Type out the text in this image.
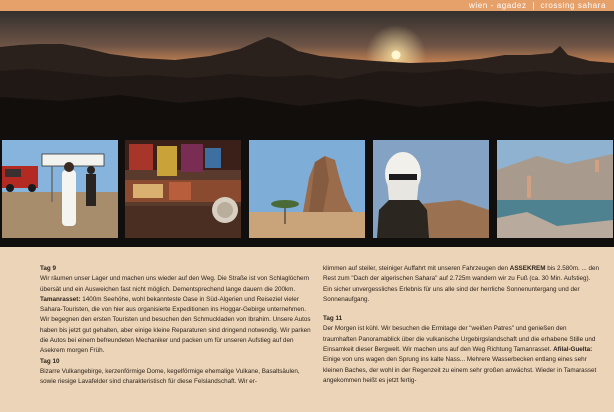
wien - agadez  |  crossing sahara

Tag 9

Wir räumen unser Lager und machen uns wieder auf den Weg. Die Straße ist von Schlaglöchern übersät und ein Ausweichen fast nicht möglich. Dementsprechend lange dauern die 200km. Tamanrasset: 1400m Seehöhe, wohl bekannteste Oase in Süd-Algerien und Reiseziel vieler Sahara-Touristen, die von hier aus organisierte Expeditionen ins Hoggar-Gebirge unternehmen. Wir begegnen den ersten Touristen und besuchen den Schmuckladen von Ibrahim. Unsere Autos haben bis jetzt gut gehalten, aber einige kleine Reparaturen sind dringend notwendig. Wir parken die Autos bei einem befreundeten Mechaniker und packen um für unseren Aufstieg auf den Asekrem morgen Früh.

Tag 10

Bizarre Vulkangebirge, kerzenförmige Dome, kegelförmige ehemalige Vulkane, Basaltsäulen, sowie riesige Lavafelder sind charakteristisch für diese Felslandschaft. Wir er-

klimmen auf steiler, steiniger Auffahrt mit unseren Fahrzeugen den ASSEKREM bis 2.580m. ... den Rest zum "Dach der algerischen Sahara" auf 2.725m wandern wir zu Fuß (ca. 30 Min. Aufstieg). Ein sicher unvergessliches Erlebnis für uns alle sind der herrliche Sonnenuntergang und der Sonnenaufgang.

Tag 11

Der Morgen ist kühl. Wir besuchen die Ermitage der "weißen Patres" und genießen den traumhaften Panoramablick über die vulkanische Urgebirgslandschaft und die erhabene Stille und Einsamkeit dieser Bergwelt. Wir machen uns auf den Weg Richtung Tamanrasset. Afilal-Guelta: Einige von uns wagen den Sprung ins kalte Nass... Mehrere Wasserbecken entlang eines sehr kleinen Baches, der wohl in der Regenzeit zu einem sehr großen anwächst. Wieder in Tamarasset angekommen heißt es jetzt fertig-
